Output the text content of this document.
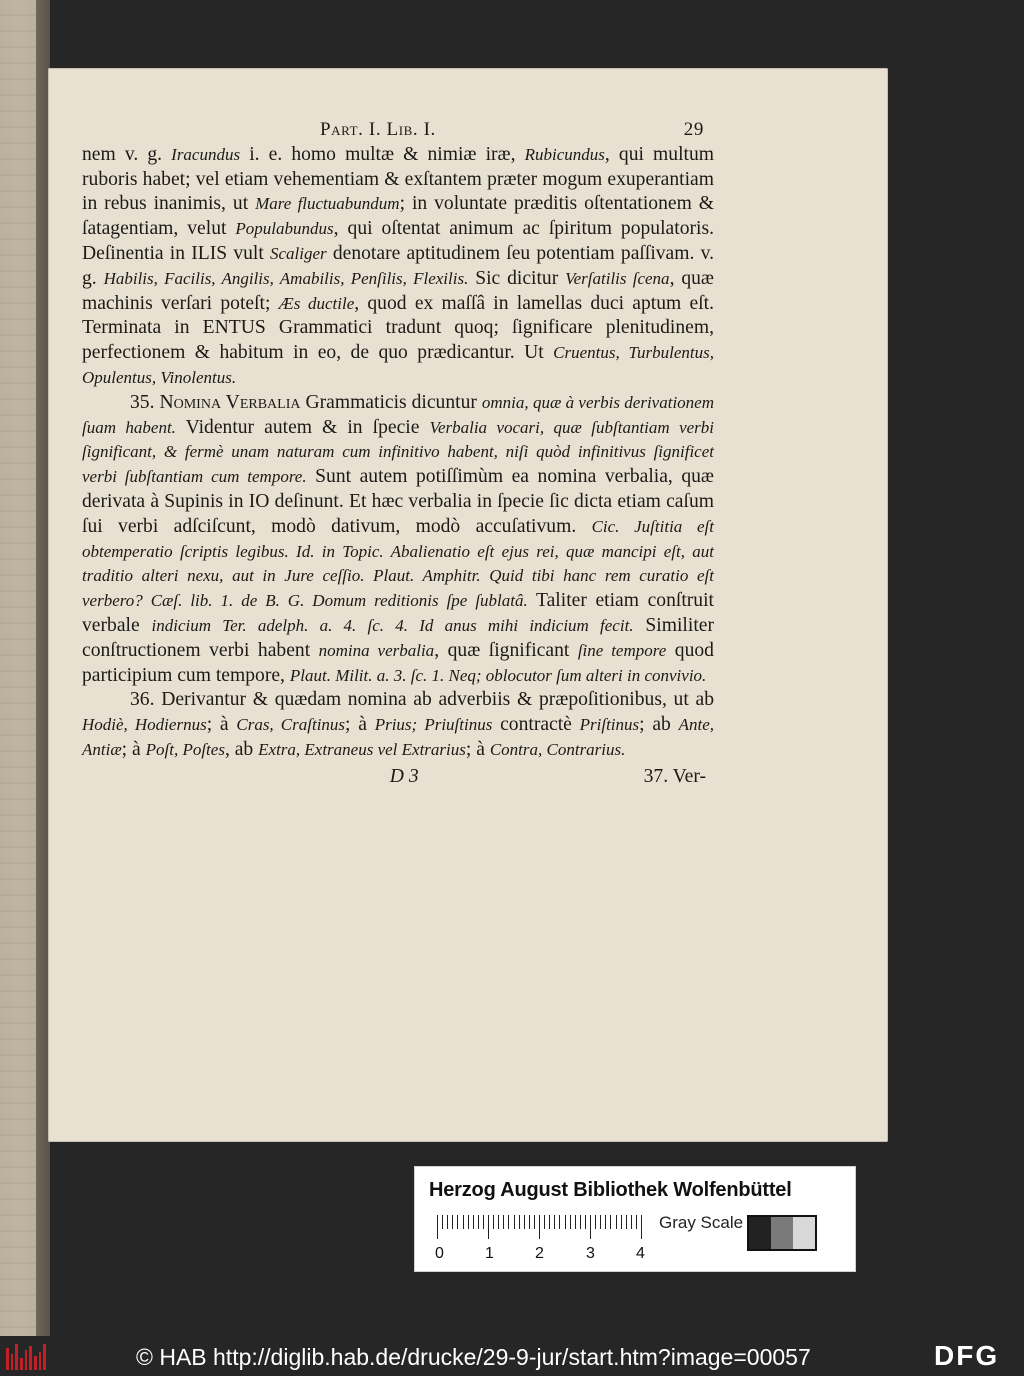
Part. I. Lib. I.	29

nem v. g. Iracundus i. e. homo multæ & nimiæ iræ, Rubicundus, qui multum ruboris habet; vel etiam vehementiam & exſtantem præter mogum exuperantiam in rebus inanimis, ut Mare fluctuabundum; in voluntate præditis oſtentationem & ſatagentiam, velut Populabundus, qui oſtentat animum ac ſpiritum populatoris. Deſinentia in ILIS vult Scaliger denotare aptitudinem ſeu potentiam paſſivam. v. g. Habilis, Facilis, Angilis, Amabilis, Penſilis, Flexilis. Sic dicitur Verſatilis ſcena, quæ machinis verſari poteſt; Æs ductile, quod ex maſſâ in lamellas duci aptum eſt. Terminata in ENTUS Grammatici tradunt quoq; ſignificare plenitudinem, perfectionem & habitum in eo, de quo prædicantur. Ut Cruentus, Turbulentus, Opulentus, Vinolentus.

35. Nomina Verbalia Grammaticis dicuntur omnia, quæ à verbis derivationem ſuam habent. Videntur autem & in ſpecie Verbalia vocari, quæ ſubſtantiam verbi ſignificant, & fermè unam naturam cum infinitivo habent, niſi quòd infinitivus ſignificet verbi ſubſtantiam cum tempore. Sunt autem potiſſimùm ea nomina verbalia, quæ derivata à Supinis in IO deſinunt. Et hæc verbalia in ſpecie ſic dicta etiam caſum ſui verbi adſciſcunt, modò dativum, modò accuſativum. Cic. Juſtitia eſt obtemperatio ſcriptis legibus. Id. in Topic. Abalienatio eſt ejus rei, quæ mancipi eſt, aut traditio alteri nexu, aut in Jure ceſſio. Plaut. Amphitr. Quid tibi hanc rem curatio eſt verbero? Cæſ. lib. 1. de B. G. Domum reditionis ſpe ſublatâ. Taliter etiam conſtruit verbale indicium Ter. adelph. a. 4. ſc. 4. Id anus mihi indicium fecit. Similiter conſtructionem verbi habent nomina verbalia, quæ ſignificant ſine tempore quod participium cum tempore, Plaut. Milit. a. 3. ſc. 1. Neq; oblocutor ſum alteri in convivio.

36. Derivantur & quædam nomina ab adverbiis & præpoſitionibus, ut ab Hodiè, Hodiernus; à Cras, Craſtinus; à Prius; Priuſtinus contractè Priſtinus; ab Ante, Antiæ; à Poſt, Poſtes, ab Extra, Extraneus vel Extrarius; à Contra, Contrarius.

D 3	37. Ver-
Herzog August Bibliothek Wolfenbüttel
0	1	2	3	4
Gray Scale
© HAB http://diglib.hab.de/drucke/29-9-jur/start.htm?image=00057	DFG
